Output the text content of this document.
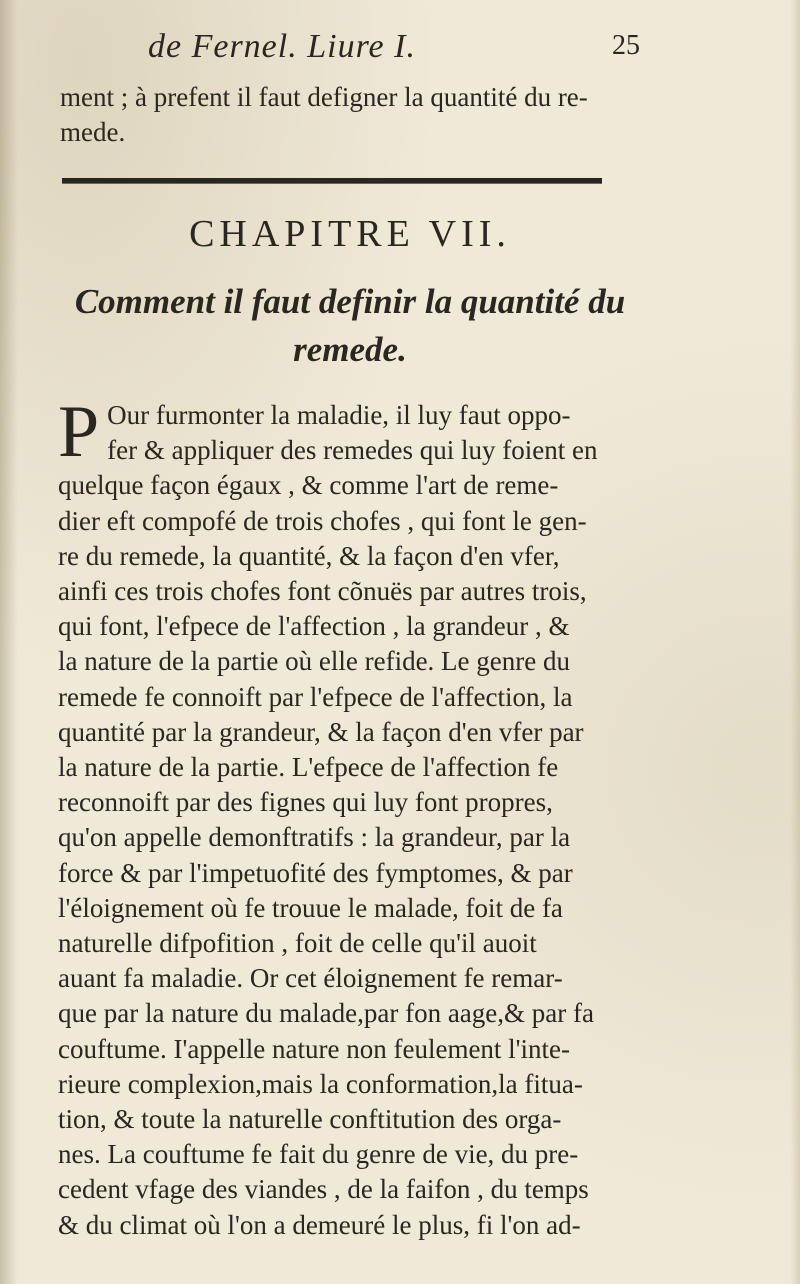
de Fernel. Liure I.	25
ment ; à prefent il faut defigner la quantité du re-
mede.
CHAPITRE VII.
Comment il faut definir la quantité du
remede.
P Our furmonter la maladie, il luy faut oppo-
fer & appliquer des remedes qui luy foient en
quelque façon égaux , & comme l'art de reme-
dier eft compofé de trois chofes , qui font le gen-
re du remede, la quantité, & la façon d'en vfer,
ainfi ces trois chofes font cõnuës par autres trois,
qui font, l'efpece de l'affection , la grandeur , &
la nature de la partie où elle refide. Le genre du
remede fe connoift par l'efpece de l'affection, la
quantité par la grandeur, & la façon d'en vfer par
la nature de la partie. L'efpece de l'affection fe
reconnoift par des fignes qui luy font propres,
qu'on appelle demonftratifs : la grandeur, par la
force & par l'impetuofité des fymptomes, & par
l'éloignement où fe trouue le malade, foit de fa
naturelle difpofition , foit de celle qu'il auoit
auant fa maladie. Or cet éloignement fe remar-
que par la nature du malade,par fon aage,& par fa
couftume. I'appelle nature non feulement l'inte-
rieure complexion,mais la conformation,la fitua-
tion, & toute la naturelle conftitution des orga-
nes. La couftume fe fait du genre de vie, du pre-
cedent vfage des viandes , de la faifon , du temps
& du climat où l'on a demeuré le plus, fi l'on ad-
